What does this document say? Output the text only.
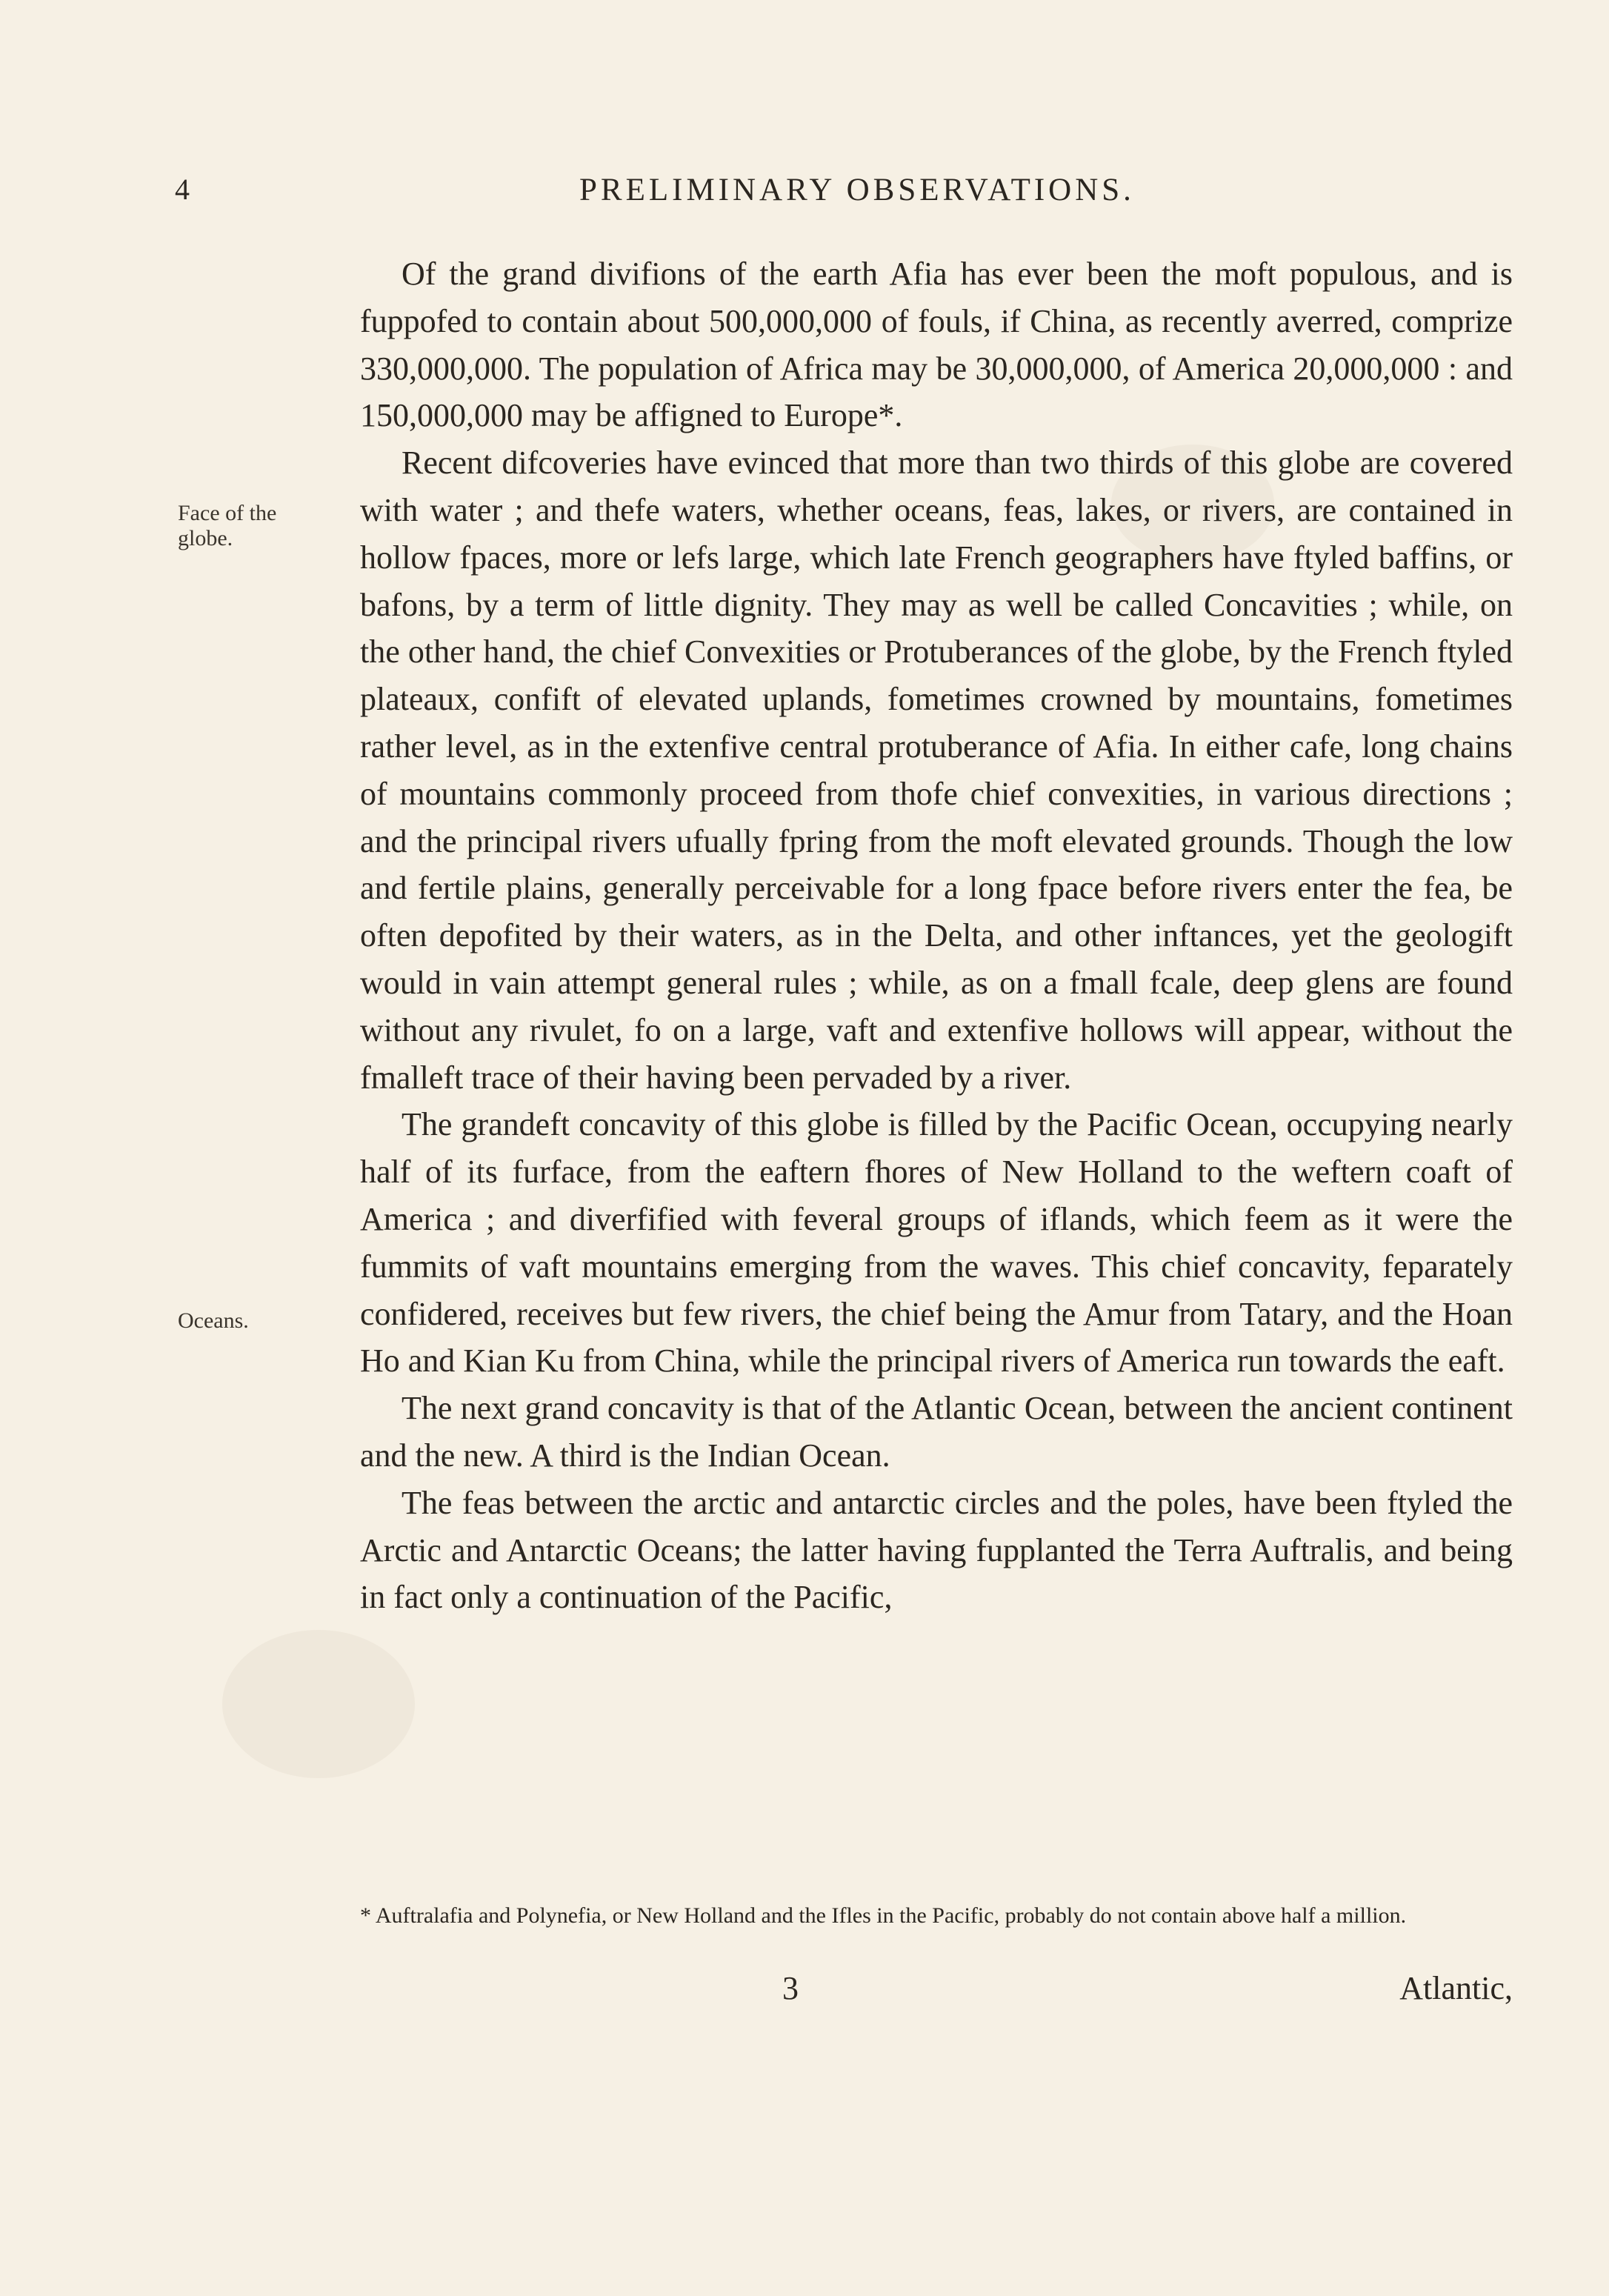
4	PRELIMINARY OBSERVATIONS.
Face of the globe.
Oceans.

Of the grand divifions of the earth Afia has ever been the moft populous, and is fuppofed to contain about 500,000,000 of fouls, if China, as recently averred, comprize 330,000,000. The population of Africa may be 30,000,000, of America 20,000,000 : and 150,000,000 may be affigned to Europe*.

Recent difcoveries have evinced that more than two thirds of this globe are covered with water ; and thefe waters, whether oceans, feas, lakes, or rivers, are contained in hollow fpaces, more or lefs large, which late French geographers have ftyled baffins, or bafons, by a term of little dignity. They may as well be called Concavities ; while, on the other hand, the chief Convexities or Protuberances of the globe, by the French ftyled plateaux, confift of elevated uplands, fometimes crowned by mountains, fometimes rather level, as in the extenfive central protuberance of Afia. In either cafe, long chains of mountains commonly proceed from thofe chief convexities, in various directions ; and the principal rivers ufually fpring from the moft elevated grounds. Though the low and fertile plains, generally perceivable for a long fpace before rivers enter the fea, be often depofited by their waters, as in the Delta, and other inftances, yet the geologift would in vain attempt general rules ; while, as on a fmall fcale, deep glens are found without any rivulet, fo on a large, vaft and extenfive hollows will appear, without the fmalleft trace of their having been pervaded by a river.

The grandeft concavity of this globe is filled by the Pacific Ocean, occupying nearly half of its furface, from the eaftern fhores of New Holland to the weftern coaft of America ; and diverfified with feveral groups of iflands, which feem as it were the fummits of vaft mountains emerging from the waves. This chief concavity, feparately confidered, receives but few rivers, the chief being the Amur from Tatary, and the Hoan Ho and Kian Ku from China, while the principal rivers of America run towards the eaft.

The next grand concavity is that of the Atlantic Ocean, between the ancient continent and the new. A third is the Indian Ocean.

The feas between the arctic and antarctic circles and the poles, have been ftyled the Arctic and Antarctic Oceans; the latter having fupplanted the Terra Auftralis, and being in fact only a continuation of the Pacific,

* Auftralafia and Polynefia, or New Holland and the Ifles in the Pacific, probably do not contain above half a million.
3	Atlantic,
